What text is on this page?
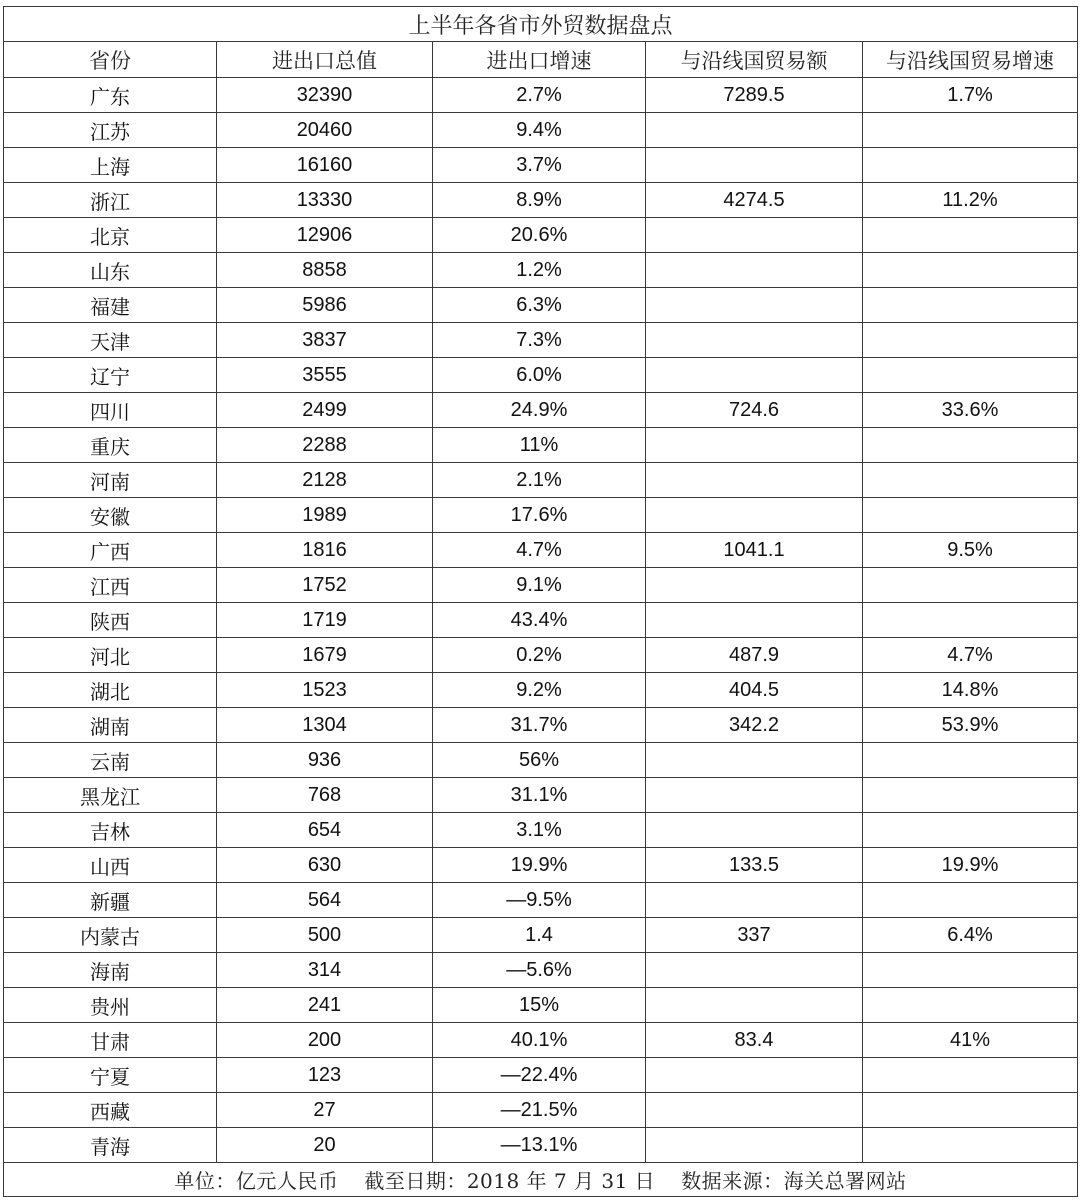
上半年各省市外贸数据盘点				
省份	进出口总值	进出口增速	与沿线国贸易额	与沿线国贸易增速
广东	32390	2.7%	7289.5	1.7%
江苏	20460	9.4%		
上海	16160	3.7%		
浙江	13330	8.9%	4274.5	11.2%
北京	12906	20.6%		
山东	8858	1.2%		
福建	5986	6.3%		
天津	3837	7.3%		
辽宁	3555	6.0%		
四川	2499	24.9%	724.6	33.6%
重庆	2288	11%		
河南	2128	2.1%		
安徽	1989	17.6%		
广西	1816	4.7%	1041.1	9.5%
江西	1752	9.1%		
陕西	1719	43.4%		
河北	1679	0.2%	487.9	4.7%
湖北	1523	9.2%	404.5	14.8%
湖南	1304	31.7%	342.2	53.9%
云南	936	56%		
黑龙江	768	31.1%		
吉林	654	3.1%		
山西	630	19.9%	133.5	19.9%
新疆	564	—9.5%		
内蒙古	500	1.4	337	6.4%
海南	314	—5.6%		
贵州	241	15%		
甘肃	200	40.1%	83.4	41%
宁夏	123	—22.4%		
西藏	27	—21.5%		
青海	20	—13.1%		
单位：亿元人民币 截至日期：2018 年 7 月 31 日 数据来源：海关总署网站				
